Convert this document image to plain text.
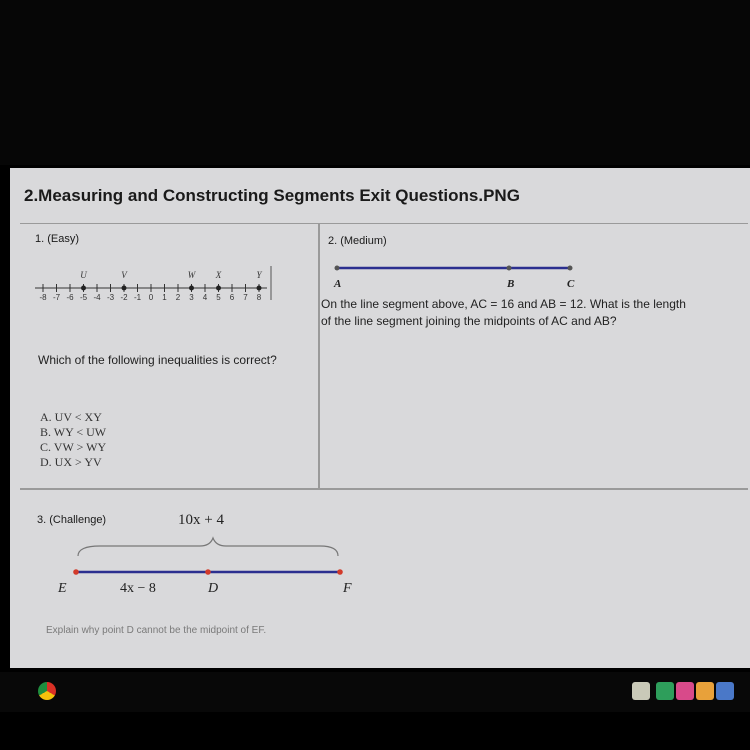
2.Measuring and Constructing Segments Exit Questions.PNG
1. (Easy)
-8 -7 -6 -5 -4 -3 -2 -1 0 1 2 3 4 5 6 7 8
U	V	W X	Y
Which of the following inequalities is correct?
A. UV < XY
B. WY < UW
C. VW > WY
D. UX > YV
2. (Medium)
A	B	C
On the line segment above, AC = 16 and AB = 12. What is the length
of the line segment joining the midpoints of AC and AB?
3. (Challenge)	10x + 4
E	4x − 8	D	F
Explain why point D cannot be the midpoint of EF.
